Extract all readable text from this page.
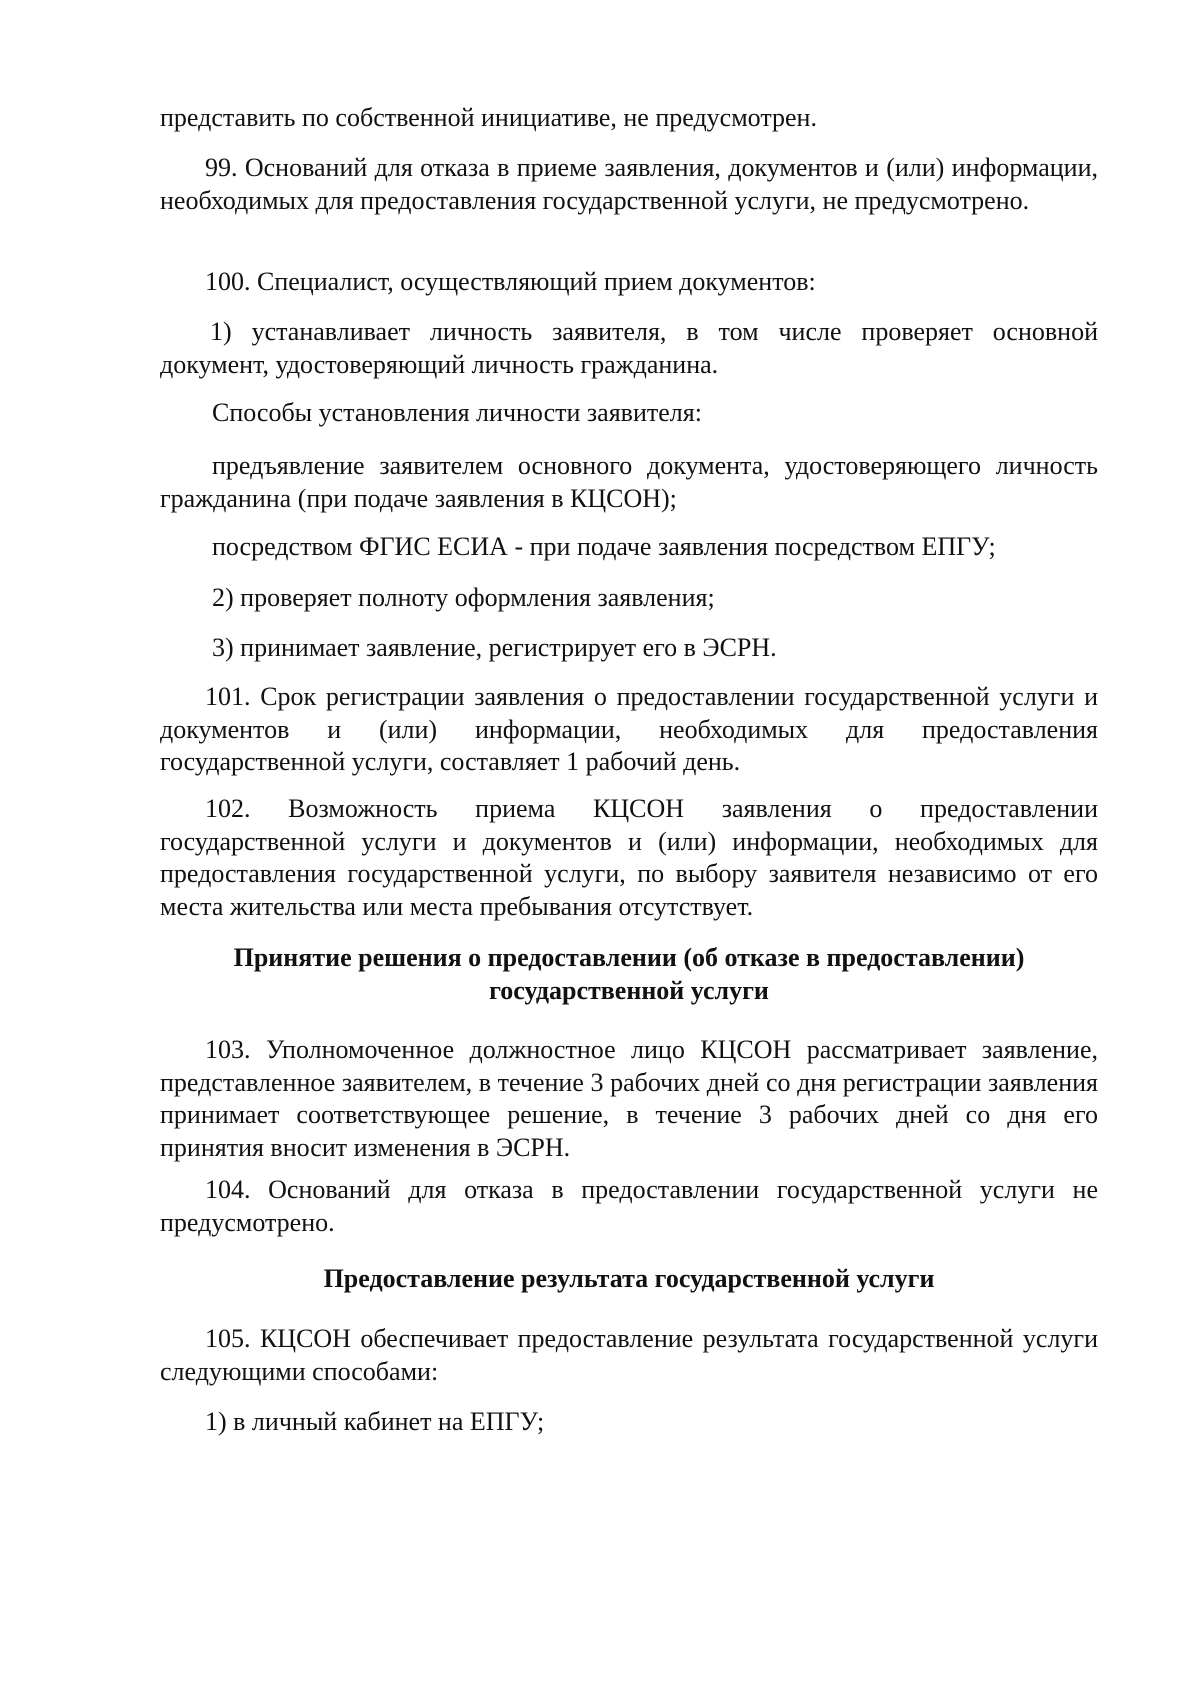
представить по собственной инициативе, не предусмотрен.

99. Оснований для отказа в приеме заявления, документов и (или) информации, необходимых для предоставления государственной услуги, не предусмотрено.

100. Специалист, осуществляющий прием документов:

1) устанавливает личность заявителя, в том числе проверяет основной документ, удостоверяющий личность гражданина.

Способы установления личности заявителя:

предъявление заявителем основного документа, удостоверяющего личность гражданина (при подаче заявления в КЦСОН);

посредством ФГИС ЕСИА - при подаче заявления посредством ЕПГУ;

2) проверяет полноту оформления заявления;

3) принимает заявление, регистрирует его в ЭСРН.

101. Срок регистрации заявления о предоставлении государственной услуги и документов и (или) информации, необходимых для предоставления государственной услуги, составляет 1 рабочий день.

102. Возможность приема КЦСОН заявления о предоставлении государственной услуги и документов и (или) информации, необходимых для предоставления государственной услуги, по выбору заявителя независимо от его места жительства или места пребывания отсутствует.

Принятие решения о предоставлении (об отказе в предоставлении)
государственной услуги

103. Уполномоченное должностное лицо КЦСОН рассматривает заявление, представленное заявителем, в течение 3 рабочих дней со дня регистрации заявления принимает соответствующее решение, в течение 3 рабочих дней со дня его принятия вносит изменения в ЭСРН.

104. Оснований для отказа в предоставлении государственной услуги не предусмотрено.

Предоставление результата государственной услуги

105. КЦСОН обеспечивает предоставление результата государственной услуги следующими способами:

1) в личный кабинет на ЕПГУ;
